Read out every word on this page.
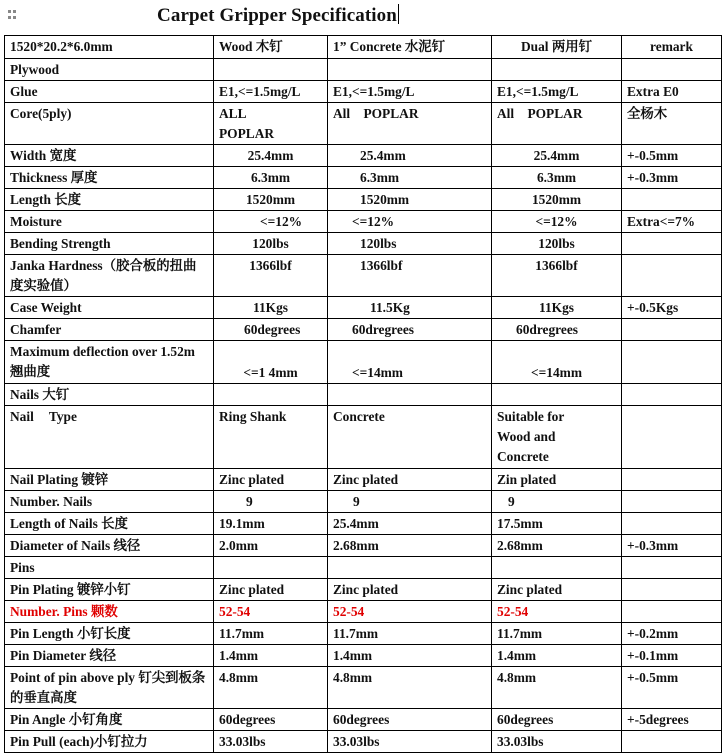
Carpet Gripper Specification
1520*20.2*6.0mm	Wood 木钉	1” Concrete 水泥钉	Dual 两用钉	remark
Plywood				
Glue	E1,<=1.5mg/L	E1,<=1.5mg/L	E1,<=1.5mg/L	Extra E0
Core(5ply)	ALL POPLAR	All POPLAR	All POPLAR	全杨木
Width 宽度	25.4mm	25.4mm	25.4mm	+-0.5mm
Thickness 厚度	6.3mm	6.3mm	6.3mm	+-0.3mm
Length 长度	1520mm	1520mm	1520mm	
Moisture	<=12%	<=12%	<=12%	Extra<=7%
Bending Strength	120lbs	120lbs	120lbs	
Janka Hardness（胶合板的扭曲度实验值）	1366lbf	1366lbf	1366lbf	
Case Weight	11Kgs	11.5Kg	11Kgs	+-0.5Kgs
Chamfer	60degrees	60dregrees	60dregrees	
Maximum deflection over 1.52m 翘曲度	<=1 4mm	<=14mm	<=14mm	
Nails 大钉				
Nail Type	Ring Shank	Concrete	Suitable for Wood and Concrete	
Nail Plating 镀锌	Zinc plated	Zinc plated	Zin plated	
Number. Nails	9	9	9	
Length of Nails 长度	19.1mm	25.4mm	17.5mm	
Diameter of Nails 线径	2.0mm	2.68mm	2.68mm	+-0.3mm
Pins				
Pin Plating 镀锌小钉	Zinc plated	Zinc plated	Zinc plated	
Number. Pins 颗数	52-54	52-54	52-54	
Pin Length 小钉长度	11.7mm	11.7mm	11.7mm	+-0.2mm
Pin Diameter 线径	1.4mm	1.4mm	1.4mm	+-0.1mm
Point of pin above ply 钉尖到板条的垂直高度	4.8mm	4.8mm	4.8mm	+-0.5mm
Pin Angle 小钉角度	60degrees	60degrees	60degrees	+-5degrees
Pin Pull (each)小钉拉力	33.03lbs	33.03lbs	33.03lbs	
